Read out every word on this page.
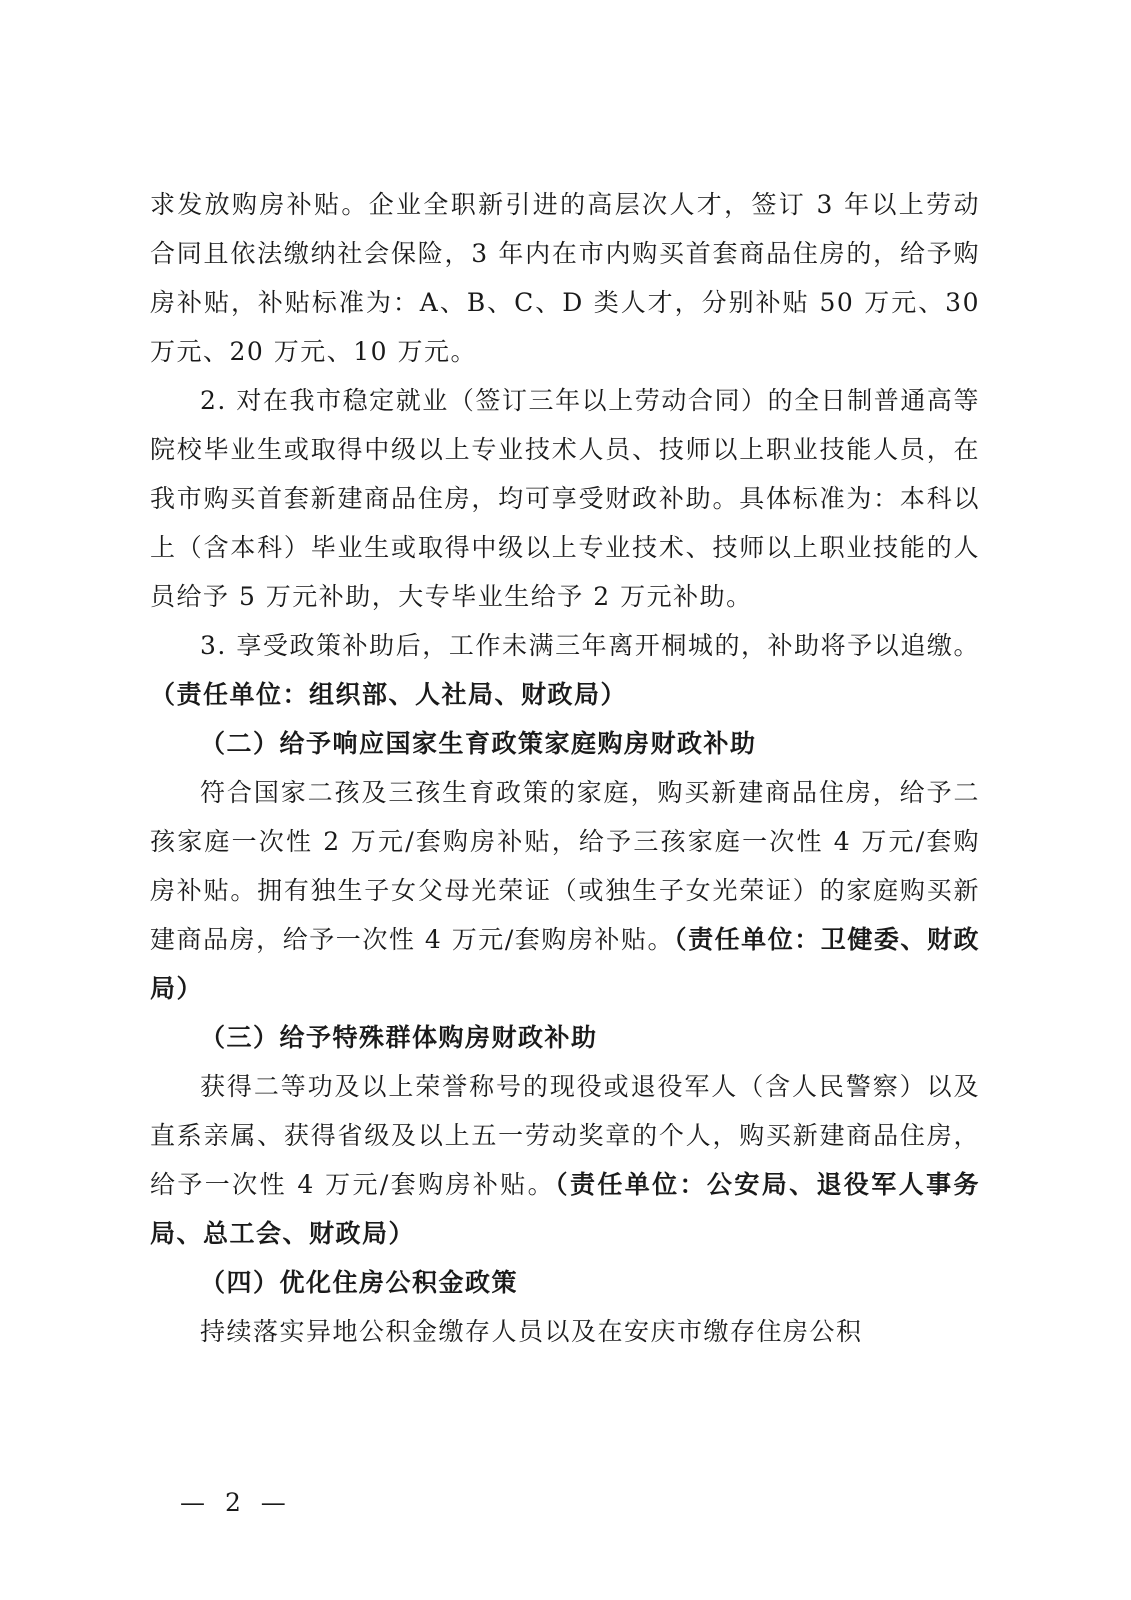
求发放购房补贴。企业全职新引进的高层次人才，签订 3 年以上劳动合同且依法缴纳社会保险，3 年内在市内购买首套商品住房的，给予购房补贴，补贴标准为：A、B、C、D 类人才，分别补贴 50 万元、30 万元、20 万元、10 万元。

2. 对在我市稳定就业（签订三年以上劳动合同）的全日制普通高等院校毕业生或取得中级以上专业技术人员、技师以上职业技能人员，在我市购买首套新建商品住房，均可享受财政补助。具体标准为：本科以上（含本科）毕业生或取得中级以上专业技术、技师以上职业技能的人员给予 5 万元补助，大专毕业生给予 2 万元补助。

3. 享受政策补助后，工作未满三年离开桐城的，补助将予以追缴。（责任单位：组织部、人社局、财政局）

（二）给予响应国家生育政策家庭购房财政补助

符合国家二孩及三孩生育政策的家庭，购买新建商品住房，给予二孩家庭一次性 2 万元/套购房补贴，给予三孩家庭一次性 4 万元/套购房补贴。拥有独生子女父母光荣证（或独生子女光荣证）的家庭购买新建商品房，给予一次性 4 万元/套购房补贴。（责任单位：卫健委、财政局）

（三）给予特殊群体购房财政补助

获得二等功及以上荣誉称号的现役或退役军人（含人民警察）以及直系亲属、获得省级及以上五一劳动奖章的个人，购买新建商品住房，给予一次性 4 万元/套购房补贴。（责任单位：公安局、退役军人事务局、总工会、财政局）

（四）优化住房公积金政策

持续落实异地公积金缴存人员以及在安庆市缴存住房公积

— 2 —
